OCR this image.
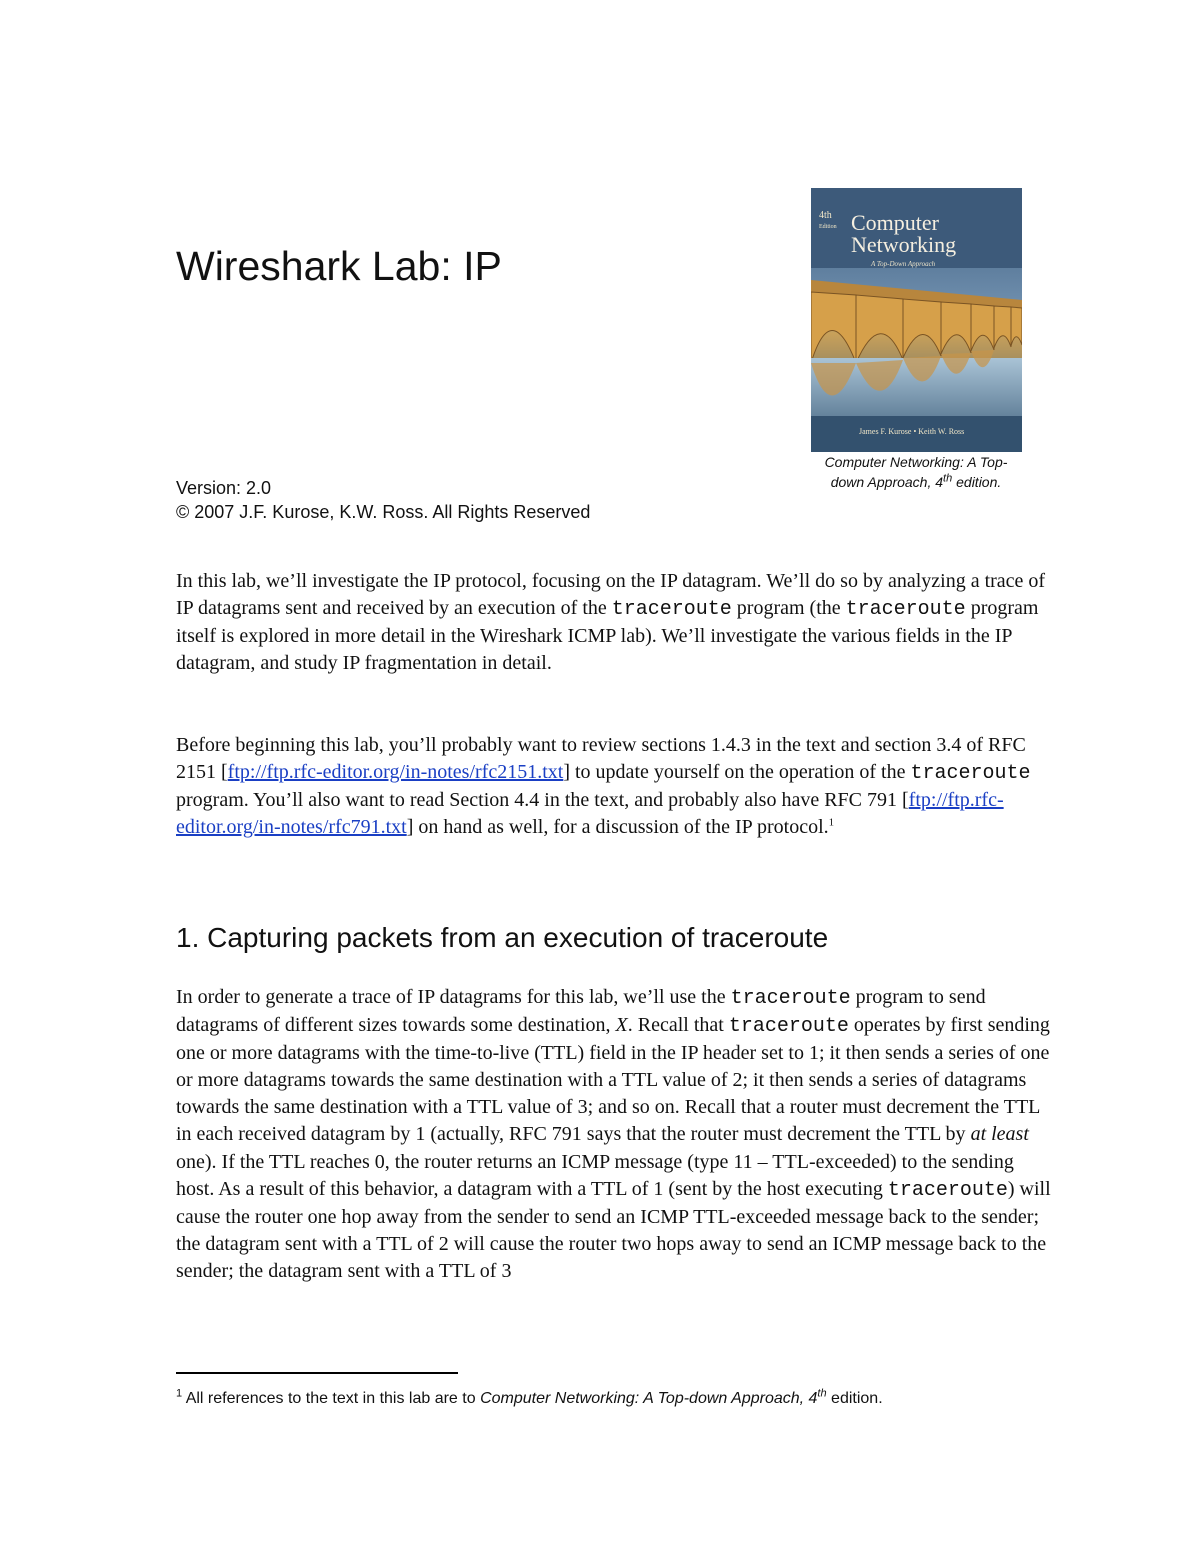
Wireshark Lab: IP
Version: 2.0
© 2007 J.F. Kurose, K.W. Ross. All Rights Reserved
4th
Edition Computer
Networking
A Top-Down Approach
James F. Kurose • Keith W. Ross
Computer Networking: A Top-
down Approach, 4th edition.
In this lab, we’ll investigate the IP protocol, focusing on the IP datagram. We’ll do so by analyzing a trace of IP datagrams sent and received by an execution of the traceroute program (the traceroute program itself is explored in more detail in the Wireshark ICMP lab). We’ll investigate the various fields in the IP datagram, and study IP fragmentation in detail.
Before beginning this lab, you’ll probably want to review sections 1.4.3 in the text and section 3.4 of RFC 2151 [ftp://ftp.rfc-editor.org/in-notes/rfc2151.txt] to update yourself on the operation of the traceroute program. You’ll also want to read Section 4.4 in the text, and probably also have RFC 791 [ftp://ftp.rfc-editor.org/in-notes/rfc791.txt] on hand as well, for a discussion of the IP protocol.$^1$
1. Capturing packets from an execution of traceroute
In order to generate a trace of IP datagrams for this lab, we’ll use the traceroute program to send datagrams of different sizes towards some destination, X. Recall that traceroute operates by first sending one or more datagrams with the time-to-live (TTL) field in the IP header set to 1; it then sends a series of one or more datagrams towards the same destination with a TTL value of 2; it then sends a series of datagrams towards the same destination with a TTL value of 3; and so on. Recall that a router must decrement the TTL in each received datagram by 1 (actually, RFC 791 says that the router must decrement the TTL by at least one). If the TTL reaches 0, the router returns an ICMP message (type 11 – TTL-exceeded) to the sending host. As a result of this behavior, a datagram with a TTL of 1 (sent by the host executing traceroute) will cause the router one hop away from the sender to send an ICMP TTL-exceeded message back to the sender; the datagram sent with a TTL of 2 will cause the router two hops away to send an ICMP message back to the sender; the datagram sent with a TTL of 3
$^1$ All references to the text in this lab are to Computer Networking: A Top-down Approach, 4th edition.
